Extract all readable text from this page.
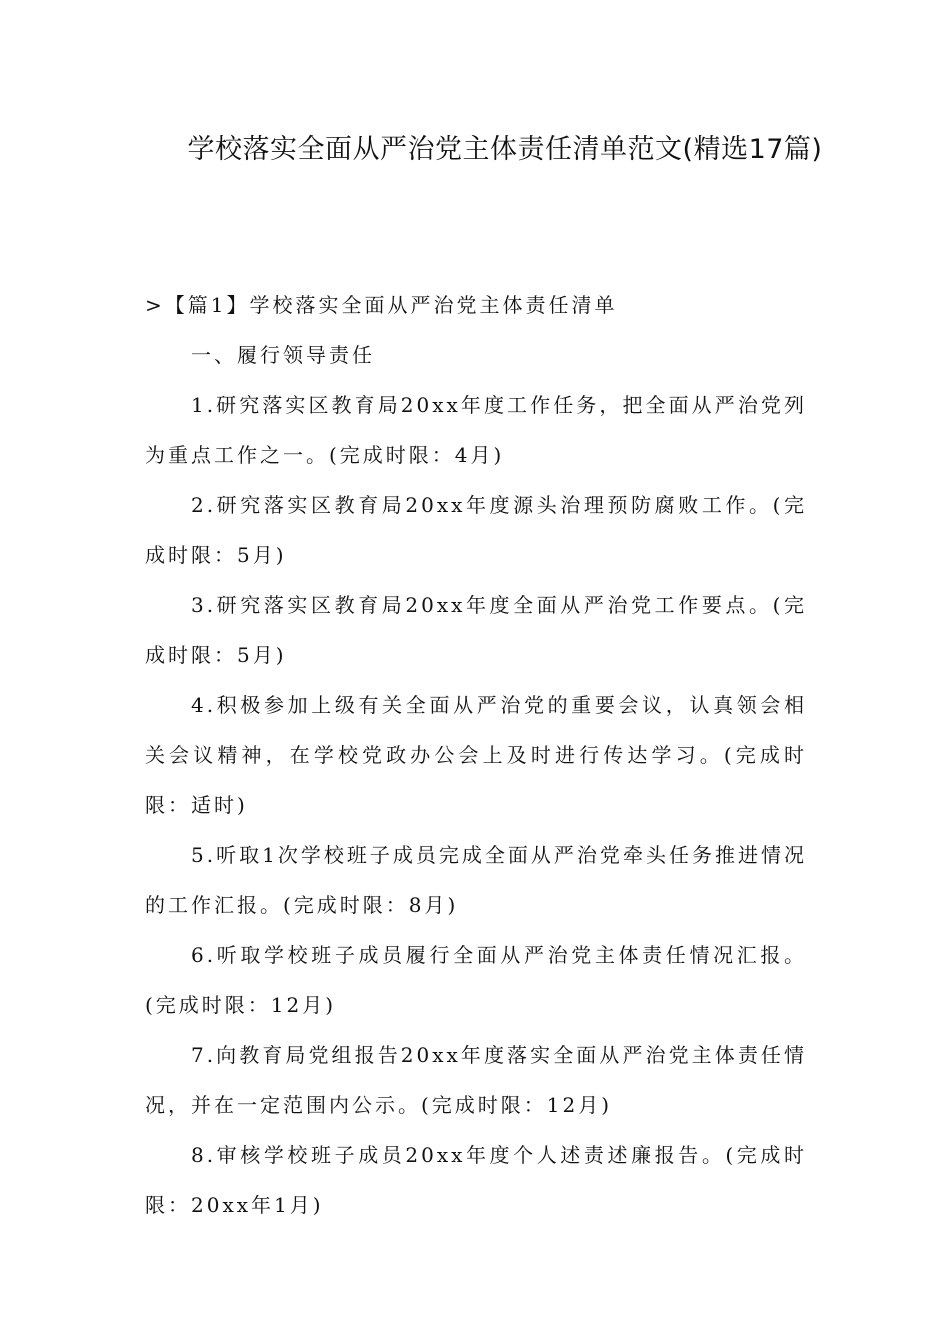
学校落实全面从严治党主体责任清单范文(精选17篇)

>【篇1】学校落实全面从严治党主体责任清单

一、履行领导责任

1.研究落实区教育局20xx年度工作任务，把全面从严治党列为重点工作之一。(完成时限：4月)

2.研究落实区教育局20xx年度源头治理预防腐败工作。(完成时限：5月)

3.研究落实区教育局20xx年度全面从严治党工作要点。(完成时限：5月)

4.积极参加上级有关全面从严治党的重要会议，认真领会相关会议精神，在学校党政办公会上及时进行传达学习。(完成时限：适时)

5.听取1次学校班子成员完成全面从严治党牵头任务推进情况的工作汇报。(完成时限：8月)

6.听取学校班子成员履行全面从严治党主体责任情况汇报。(完成时限：12月)

7.向教育局党组报告20xx年度落实全面从严治党主体责任情况，并在一定范围内公示。(完成时限：12月)

8.审核学校班子成员20xx年度个人述责述廉报告。(完成时限：20xx年1月)
